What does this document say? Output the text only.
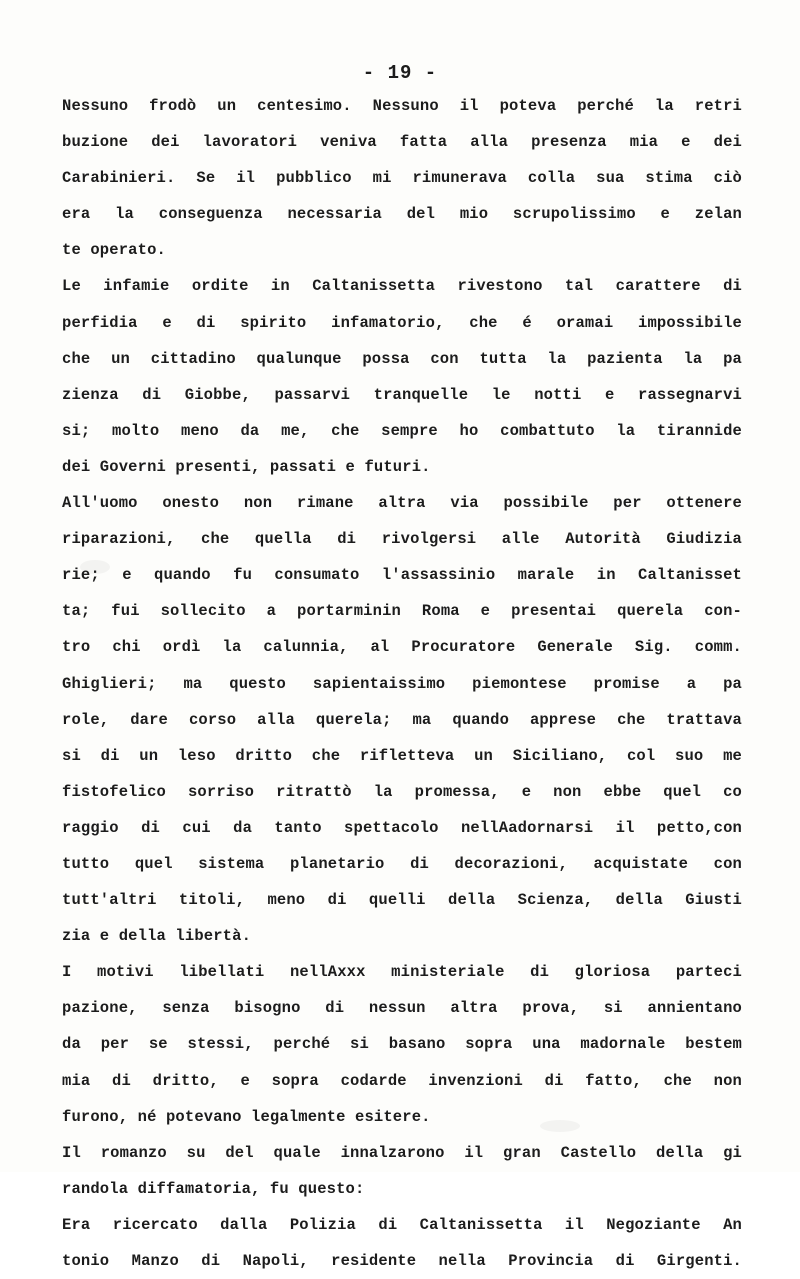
- 19 -
Nessuno frodò un centesimo. Nessuno il poteva perché la retri
buzione dei lavoratori veniva fatta alla presenza mia e dei
Carabinieri. Se il pubblico mi rimunerava colla sua stima ciò
era la conseguenza necessaria del mio scrupolissimo e zelan
te operato.
Le infamie ordite in Caltanissetta rivestono tal carattere di
perfidia e di spirito infamatorio, che é oramai impossibile
che un cittadino qualunque possa con tutta la pazienta la pa
zienza di Giobbe, passarvi tranquelle le notti e rassegnarvi
si; molto meno da me, che sempre ho combattuto la tirannide
dei Governi presenti, passati e futuri.
All'uomo onesto non rimane altra via possibile per ottenere
riparazioni, che quella di rivolgersi alle Autorità Giudizia
rie; e quando fu consumato l'assassinio marale in Caltanisset
ta; fui sollecito a portarminin Roma e presentai querela con-
tro chi ordì la calunnia, al Procuratore Generale Sig. comm.
Ghiglieri; ma questo sapientaissimo piemontese promise a pa
role, dare corso alla querela; ma quando apprese che trattava
si di un leso dritto che rifletteva un Siciliano, col suo me
fistofelico sorriso ritrattò la promessa, e non ebbe quel co
raggio di cui da tanto spettacolo nellAadornarsi il petto,con
tutto quel sistema planetario di decorazioni, acquistate con
tutt'altri titoli, meno di quelli della Scienza, della Giusti
zia e della libertà.
I motivi libellati nellAxxx ministeriale di gloriosa parteci
pazione, senza bisogno di nessun altra prova, si annientano
da per se stessi, perché si basano sopra una madornale bestem
mia di dritto, e sopra codarde invenzioni di fatto, che non
furono, né potevano legalmente esitere.
Il romanzo su del quale innalzarono il gran Castello della gi
randola diffamatoria, fu questo:
Era ricercato dalla Polizia di Caltanissetta il Negoziante An
tonio Manzo di Napoli, residente nella Provincia di Girgenti.
